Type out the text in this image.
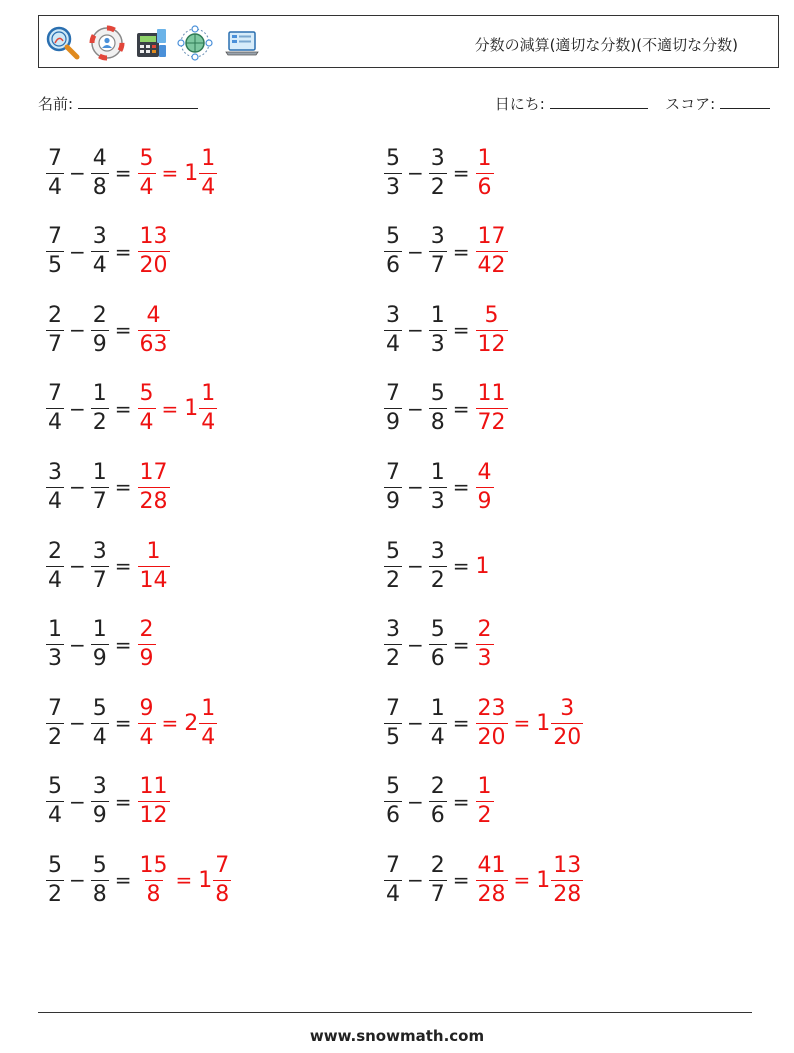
分数の減算(適切な分数)(不適切な分数)
名前:	日にち:	スコア:
$\frac{7}{4} - \frac{4}{8} = \frac{5}{4} = 1 \frac{1}{4}$	$\frac{5}{3} - \frac{3}{2} = \frac{1}{6}$
$\frac{7}{5} - \frac{3}{4} = \frac{13}{20}$	$\frac{5}{6} - \frac{3}{7} = \frac{17}{42}$
$\frac{2}{7} - \frac{2}{9} = \frac{4}{63}$	$\frac{3}{4} - \frac{1}{3} = \frac{5}{12}$
$\frac{7}{4} - \frac{1}{2} = \frac{5}{4} = 1 \frac{1}{4}$	$\frac{7}{9} - \frac{5}{8} = \frac{11}{72}$
$\frac{3}{4} - \frac{1}{7} = \frac{17}{28}$	$\frac{7}{9} - \frac{1}{3} = \frac{4}{9}$
$\frac{2}{4} - \frac{3}{7} = \frac{1}{14}$	$\frac{5}{2} - \frac{3}{2} = 1$
$\frac{1}{3} - \frac{1}{9} = \frac{2}{9}$	$\frac{3}{2} - \frac{5}{6} = \frac{2}{3}$
$\frac{7}{2} - \frac{5}{4} = \frac{9}{4} = 2 \frac{1}{4}$	$\frac{7}{5} - \frac{1}{4} = \frac{23}{20} = 1 \frac{3}{20}$
$\frac{5}{4} - \frac{3}{9} = \frac{11}{12}$	$\frac{5}{6} - \frac{2}{6} = \frac{1}{2}$
$\frac{5}{2} - \frac{5}{8} = \frac{15}{8} = 1 \frac{7}{8}$	$\frac{7}{4} - \frac{2}{7} = \frac{41}{28} = 1 \frac{13}{28}$
www.snowmath.com
